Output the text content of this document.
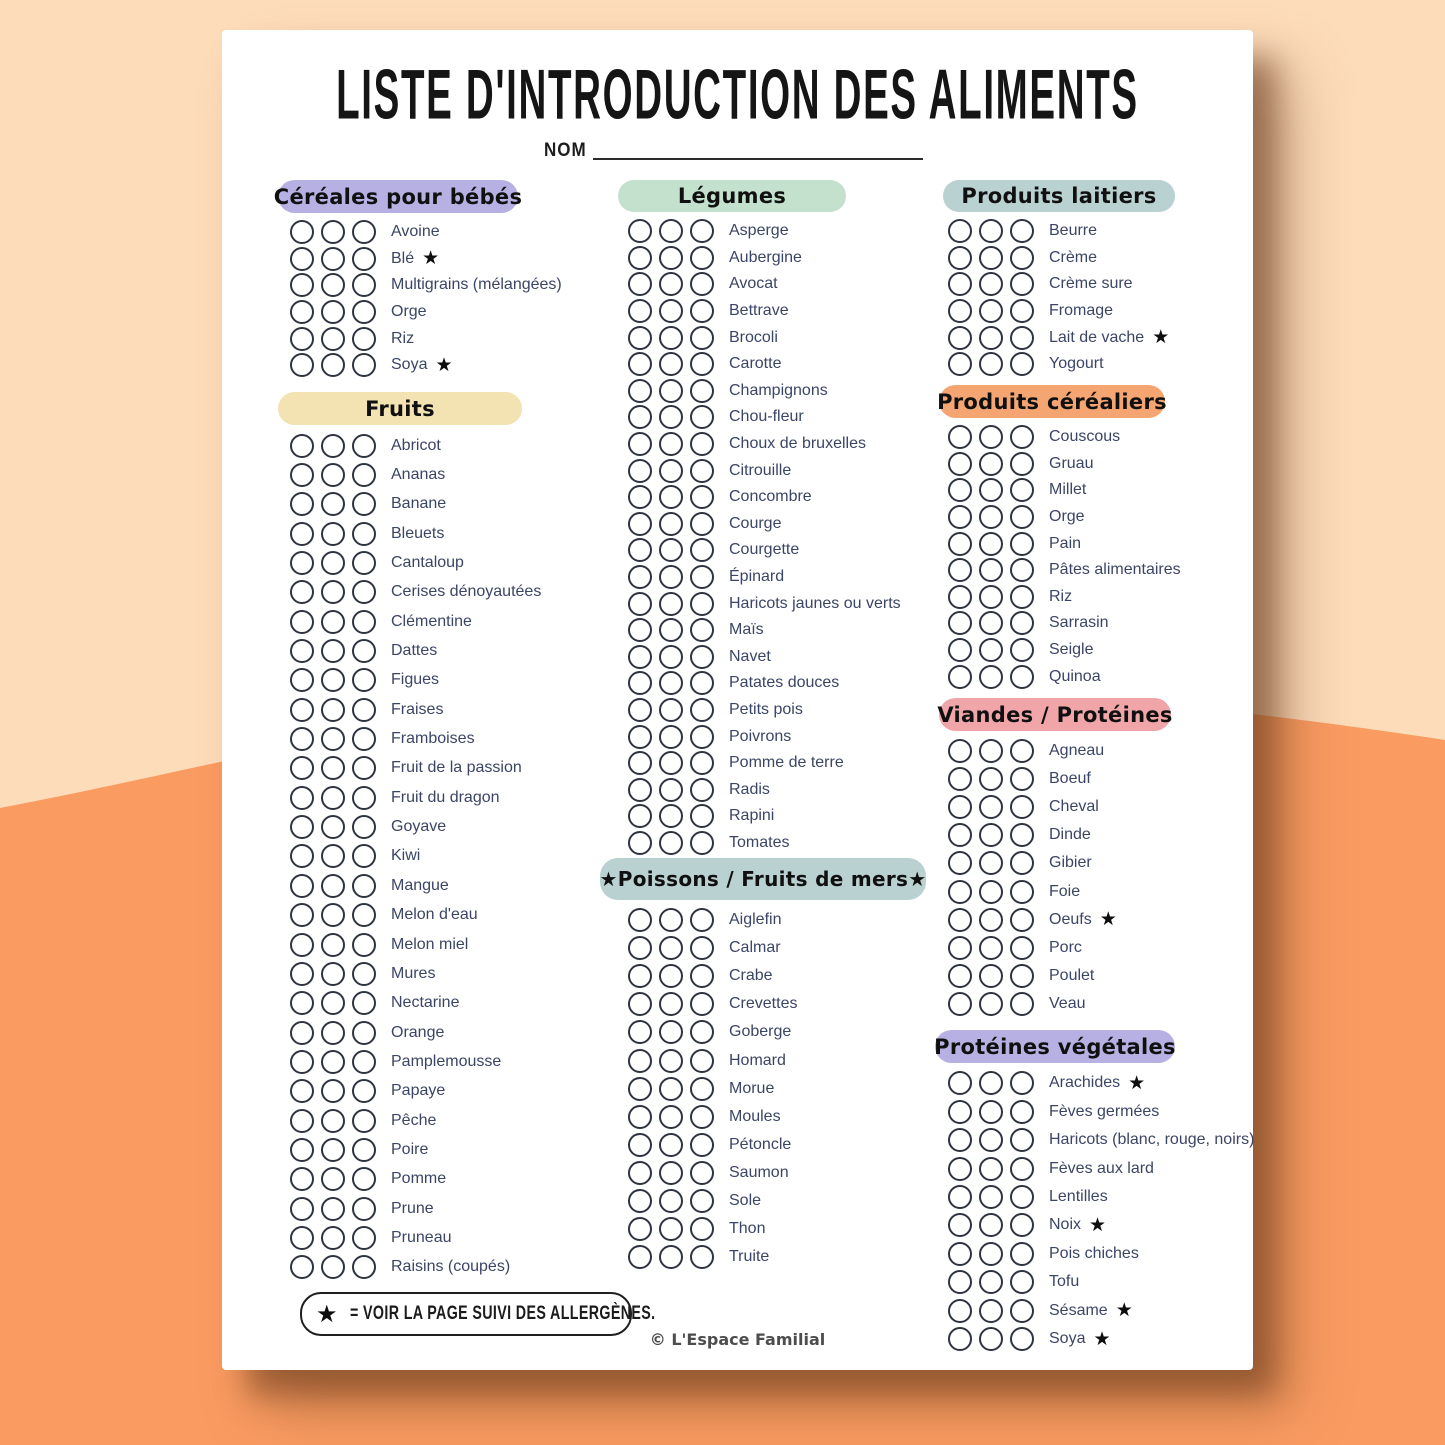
LISTE D'INTRODUCTION DES ALIMENTS
NOM
Céréales pour bébés
Avoine
Blé ★
Multigrains (mélangées)
Orge
Riz
Soya ★
Fruits
Abricot
Ananas
Banane
Bleuets
Cantaloup
Cerises dénoyautées
Clémentine
Dattes
Figues
Fraises
Framboises
Fruit de la passion
Fruit du dragon
Goyave
Kiwi
Mangue
Melon d'eau
Melon miel
Mures
Nectarine
Orange
Pamplemousse
Papaye
Pêche
Poire
Pomme
Prune
Pruneau
Raisins (coupés)
Légumes
Asperge
Aubergine
Avocat
Bettrave
Brocoli
Carotte
Champignons
Chou-fleur
Choux de bruxelles
Citrouille
Concombre
Courge
Courgette
Épinard
Haricots jaunes ou verts
Maïs
Navet
Patates douces
Petits pois
Poivrons
Pomme de terre
Radis
Rapini
Tomates
★Poissons / Fruits de mers★
Aiglefin
Calmar
Crabe
Crevettes
Goberge
Homard
Morue
Moules
Pétoncle
Saumon
Sole
Thon
Truite
Produits laitiers
Beurre
Crème
Crème sure
Fromage
Lait de vache ★
Yogourt
Produits céréaliers
Couscous
Gruau
Millet
Orge
Pain
Pâtes alimentaires
Riz
Sarrasin
Seigle
Quinoa
Viandes / Protéines
Agneau
Boeuf
Cheval
Dinde
Gibier
Foie
Oeufs ★
Porc
Poulet
Veau
Protéines végétales
Arachides ★
Fèves germées
Haricots (blanc, rouge, noirs)
Fèves aux lard
Lentilles
Noix ★
Pois chiches
Tofu
Sésame ★
Soya ★
★ = VOIR LA PAGE SUIVI DES ALLERGÈNES.
© L'Espace Familial
